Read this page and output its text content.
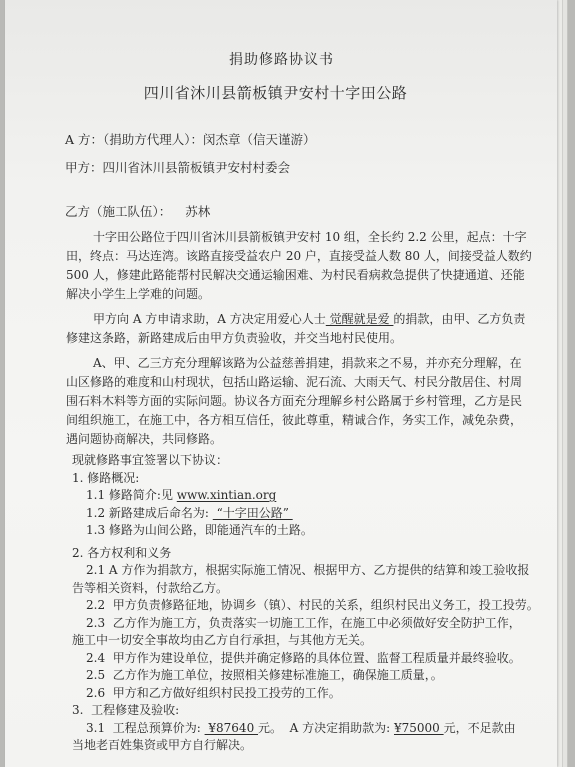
捐助修路协议书
四川省沐川县箭板镇尹安村十字田公路
A 方：（捐助方代理人）：闵杰章（信天谨游）
甲方：四川省沐川县箭板镇尹安村村委会
乙方（施工队伍）： 苏林
十字田公路位于四川省沐川县箭板镇尹安村 10 组，全长约 2.2 公里，起点：十字
田，终点：马达连湾。该路直接受益农户 20 户，直接受益人数 80 人，间接受益人数约
500 人，修建此路能帮村民解决交通运输困难、为村民看病救急提供了快捷通道、还能
解决小学生上学难的问题。
甲方向 A 方申请求助，A 方决定用爱心人士 觉醒就是爱 的捐款，由甲、乙方负责
修建这条路，新路建成后由甲方负责验收，并交当地村民使用。
A、甲、乙三方充分理解该路为公益慈善捐建，捐款来之不易，并亦充分理解，在
山区修路的难度和山村现状，包括山路运输、泥石流、大雨天气、村民分散居住、村周
围石料木料等方面的实际问题。协议各方面充分理解乡村公路属于乡村管理，乙方是民
间组织施工，在施工中，各方相互信任，彼此尊重，精诚合作，务实工作，减免杂费，
遇问题协商解决，共同修路。
现就修路事宜签署以下协议：
1. 修路概况:
1.1 修路简介:见 www.xintian.org
1.2 新路建成后命名为:  “十字田公路”
1.3 修路为山间公路，即能通汽车的土路。
2. 各方权利和义务
2.1 A 方作为捐款方，根据实际施工情况、根据甲方、乙方提供的结算和竣工验收报
告等相关资料，付款给乙方。
2.2  甲方负责修路征地，协调乡（镇）、村民的关系，组织村民出义务工，投工投劳。
2.3  乙方作为施工方，负责落实一切施工工作，在施工中必须做好安全防护工作，
施工中一切安全事故均由乙方自行承担，与其他方无关。
2.4  甲方作为建设单位，提供并确定修路的具体位置、监督工程质量并最终验收。
2.5  乙方作为施工单位，按照相关修建标准施工，确保施工质量，。
2.6  甲方和乙方做好组织村民投工投劳的工作。
3.  工程修建及验收:
3.1  工程总预算价为:  ¥87640 元。  A 方决定捐助款为: ¥75000 元，不足款由
当地老百姓集资或甲方自行解决。
